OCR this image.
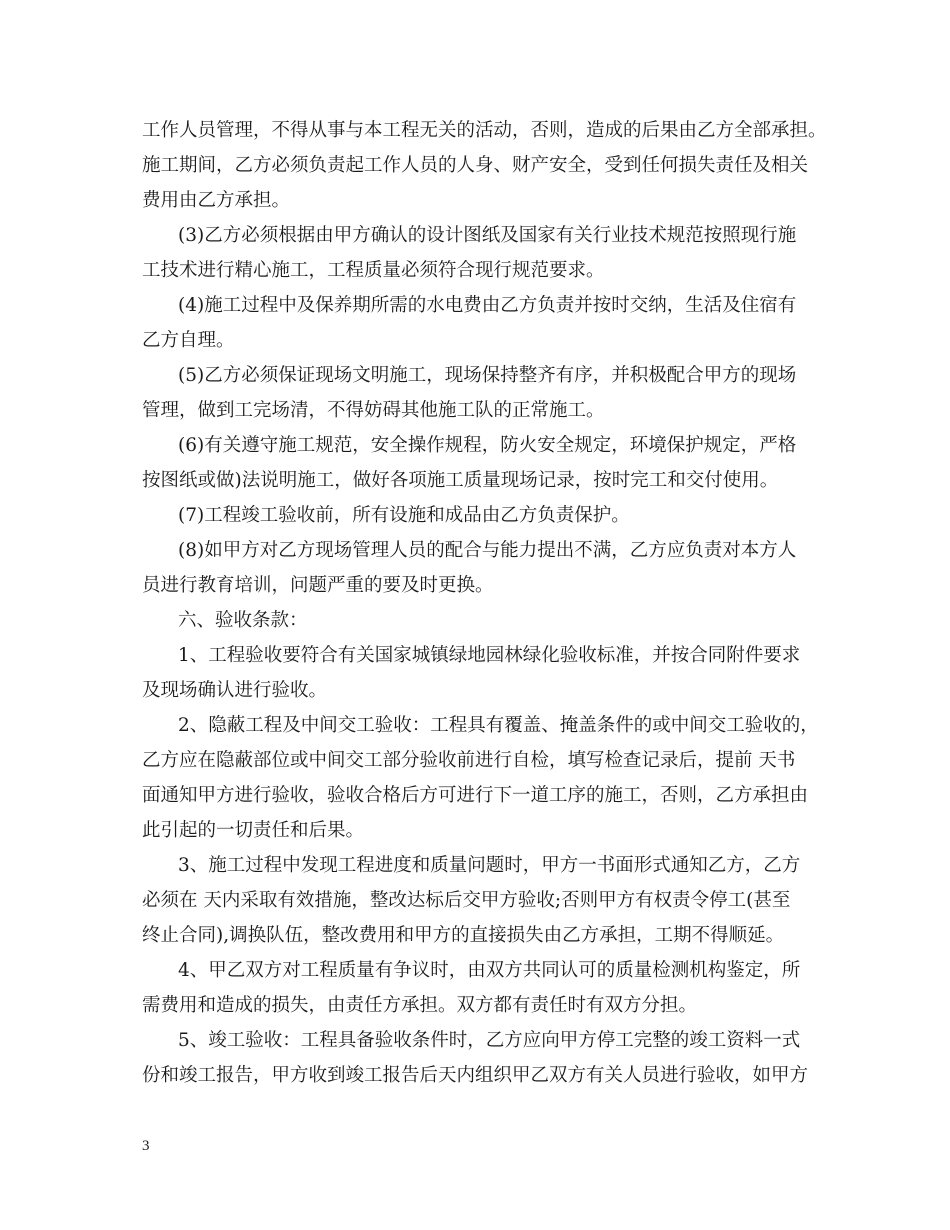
工作人员管理，不得从事与本工程无关的活动，否则，造成的后果由乙方全部承担。
施工期间，乙方必须负责起工作人员的人身、财产安全，受到任何损失责任及相关
费用由乙方承担。
(3)乙方必须根据由甲方确认的设计图纸及国家有关行业技术规范按照现行施
工技术进行精心施工，工程质量必须符合现行规范要求。
(4)施工过程中及保养期所需的水电费由乙方负责并按时交纳，生活及住宿有
乙方自理。
(5)乙方必须保证现场文明施工，现场保持整齐有序，并积极配合甲方的现场
管理，做到工完场清，不得妨碍其他施工队的正常施工。
(6)有关遵守施工规范，安全操作规程，防火安全规定，环境保护规定，严格
按图纸或做)法说明施工，做好各项施工质量现场记录，按时完工和交付使用。
(7)工程竣工验收前，所有设施和成品由乙方负责保护。
(8)如甲方对乙方现场管理人员的配合与能力提出不满，乙方应负责对本方人
员进行教育培训，问题严重的要及时更换。
六、验收条款：
1、工程验收要符合有关国家城镇绿地园林绿化验收标准，并按合同附件要求
及现场确认进行验收。
2、隐蔽工程及中间交工验收：工程具有覆盖、掩盖条件的或中间交工验收的，
乙方应在隐蔽部位或中间交工部分验收前进行自检，填写检查记录后，提前 天书
面通知甲方进行验收，验收合格后方可进行下一道工序的施工，否则，乙方承担由
此引起的一切责任和后果。
3、施工过程中发现工程进度和质量问题时，甲方一书面形式通知乙方，乙方
必须在 天内采取有效措施，整改达标后交甲方验收;否则甲方有权责令停工(甚至
终止合同),调换队伍，整改费用和甲方的直接损失由乙方承担，工期不得顺延。
4、甲乙双方对工程质量有争议时，由双方共同认可的质量检测机构鉴定，所
需费用和造成的损失，由责任方承担。双方都有责任时有双方分担。
5、竣工验收：工程具备验收条件时，乙方应向甲方停工完整的竣工资料一式
份和竣工报告，甲方收到竣工报告后天内组织甲乙双方有关人员进行验收，如甲方
3
